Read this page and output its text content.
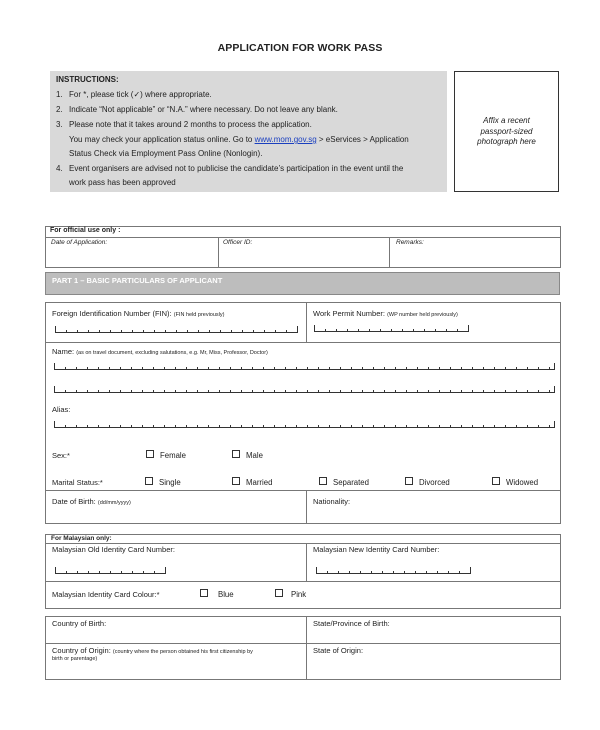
APPLICATION FOR WORK PASS
INSTRUCTIONS:
1. For *, please tick (✓) where appropriate.
2. Indicate “Not applicable” or “N.A.” where necessary. Do not leave any blank.
3. Please note that it takes around 2 months to process the application.
You may check your application status online. Go to www.mom.gov.sg > eServices > Application
Status Check via Employment Pass Online (Nonlogin).
4. Event organisers are advised not to publicise the candidate’s participation in the event until the
work pass has been approved
Affix a recent
passport-sized
photograph here
For official use only :
Date of Application:	Officer ID:	Remarks:
PART 1 – BASIC PARTICULARS OF APPLICANT
Foreign Identification Number (FIN): (FIN held previously)	Work Permit Number: (WP number held previously)
Name: (as on travel document, excluding salutations, e.g. Mr, Miss, Professor, Doctor)
Alias:
Sex:*	Female	Male
Marital Status:*	Single	Married	Separated	Divorced	Widowed
Date of Birth: (dd/mm/yyyy)	Nationality:
For Malaysian only:
Malaysian Old Identity Card Number:	Malaysian New Identity Card Number:
Malaysian Identity Card Colour:*	Blue	Pink
Country of Birth:	State/Province of Birth:
Country of Origin: (country where the person obtained his first citizenship by
birth or parentage)
State of Origin:
